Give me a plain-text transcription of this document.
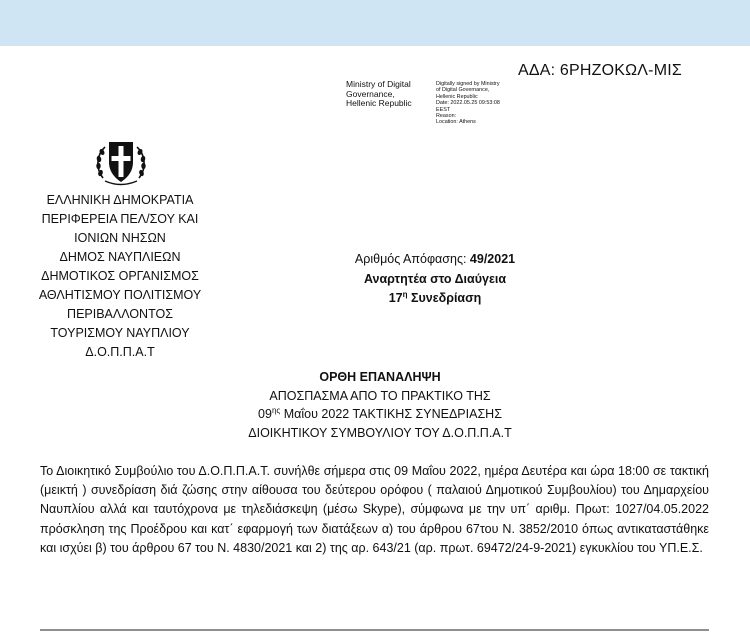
ΑΔΑ: 6ΡΗΖΟΚΩΛ-ΜΙΣ
Ministry of Digital
Governance,
Hellenic Republic
Digitally signed by Ministry
of Digital Governance,
Hellenic Republic
Date: 2022.05.25 09:53:08
EEST
Reason:
Location: Athens
ΕΛΛΗΝΙΚΗ ΔΗΜΟΚΡΑΤΙΑ
ΠΕΡΙΦΕΡΕΙΑ ΠΕΛ/ΣΟΥ ΚΑΙ
ΙΟΝΙΩΝ ΝΗΣΩΝ
ΔΗΜΟΣ ΝΑΥΠΛΙΕΩΝ
ΔΗΜΟΤΙΚΟΣ ΟΡΓΑΝΙΣΜΟΣ
ΑΘΛΗΤΙΣΜΟΥ ΠΟΛΙΤΙΣΜΟΥ
ΠΕΡΙΒΑΛΛΟΝΤΟΣ
ΤΟΥΡΙΣΜΟΥ ΝΑΥΠΛΙΟΥ
Δ.Ο.Π.Π.Α.Τ
Αριθμός Απόφασης: 49/2021
Αναρτητέα στο Διαύγεια
$17^\eta$ Συνεδρίαση
ΟΡΘΗ ΕΠΑΝΑΛΗΨΗ
ΑΠΟΣΠΑΣΜΑ ΑΠΟ ΤΟ ΠΡΑΚΤΙΚΟ ΤΗΣ
$09^{\eta\varsigma}$ Μαΐου 2022 ΤΑΚΤΙΚΗΣ ΣΥΝΕΔΡΙΑΣΗΣ
ΔΙΟΙΚΗΤΙΚΟΥ ΣΥΜΒΟΥΛΙΟΥ ΤΟΥ Δ.Ο.Π.Π.Α.Τ

Το Διοικητικό Συμβούλιο του Δ.Ο.Π.Π.Α.Τ. συνήλθε σήμερα στις 09 Μαΐου 2022, ημέρα Δευτέρα και ώρα 18:00 σε τακτική (μεικτή ) συνεδρίαση διά ζώσης στην αίθουσα του δεύτερου ορόφου ( παλαιού Δημοτικού Συμβουλίου) του Δημαρχείου Ναυπλίου αλλά και ταυτόχρονα με τηλεδιάσκεψη (μέσω Skype), σύμφωνα με την υπ΄ αριθμ. Πρωτ: 1027/04.05.2022 πρόσκληση της Προέδρου και κατ΄ εφαρμογή των διατάξεων α) του άρθρου 67του Ν. 3852/2010 όπως αντικαταστάθηκε και ισχύει β) του άρθρου 67 του Ν. 4830/2021 και 2) της αρ. 643/21 (αρ. πρωτ. 69472/24-9-2021) εγκυκλίου του ΥΠ.Ε.Σ.
